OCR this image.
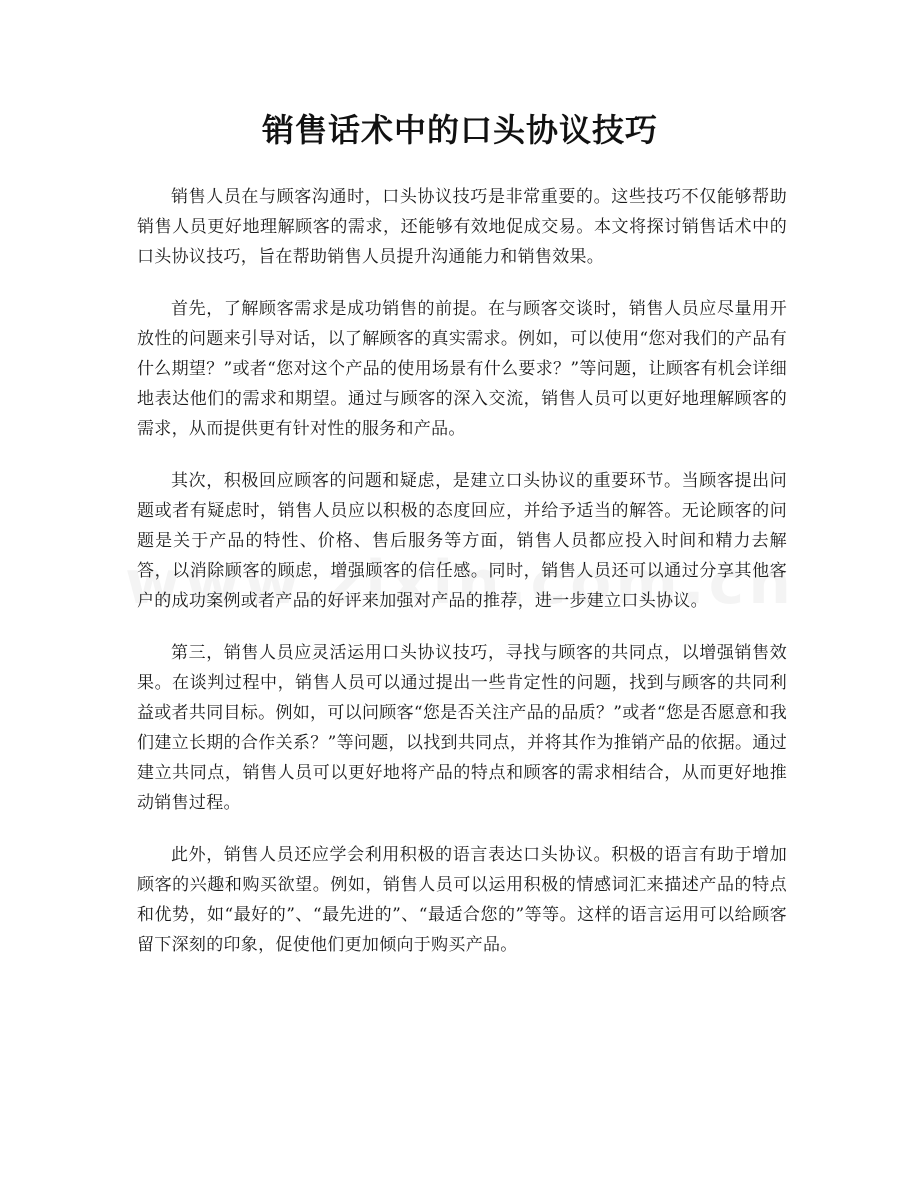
销售话术中的口头协议技巧

销售人员在与顾客沟通时，口头协议技巧是非常重要的。这些技巧不仅能够帮助销售人员更好地理解顾客的需求，还能够有效地促成交易。本文将探讨销售话术中的口头协议技巧，旨在帮助销售人员提升沟通能力和销售效果。

首先，了解顾客需求是成功销售的前提。在与顾客交谈时，销售人员应尽量用开放性的问题来引导对话，以了解顾客的真实需求。例如，可以使用“您对我们的产品有什么期望？”或者“您对这个产品的使用场景有什么要求？”等问题，让顾客有机会详细地表达他们的需求和期望。通过与顾客的深入交流，销售人员可以更好地理解顾客的需求，从而提供更有针对性的服务和产品。

其次，积极回应顾客的问题和疑虑，是建立口头协议的重要环节。当顾客提出问题或者有疑虑时，销售人员应以积极的态度回应，并给予适当的解答。无论顾客的问题是关于产品的特性、价格、售后服务等方面，销售人员都应投入时间和精力去解答，以消除顾客的顾虑，增强顾客的信任感。同时，销售人员还可以通过分享其他客户的成功案例或者产品的好评来加强对产品的推荐，进一步建立口头协议。

第三，销售人员应灵活运用口头协议技巧，寻找与顾客的共同点，以增强销售效果。在谈判过程中，销售人员可以通过提出一些肯定性的问题，找到与顾客的共同利益或者共同目标。例如，可以问顾客“您是否关注产品的品质？”或者“您是否愿意和我们建立长期的合作关系？”等问题，以找到共同点，并将其作为推销产品的依据。通过建立共同点，销售人员可以更好地将产品的特点和顾客的需求相结合，从而更好地推动销售过程。

此外，销售人员还应学会利用积极的语言表达口头协议。积极的语言有助于增加顾客的兴趣和购买欲望。例如，销售人员可以运用积极的情感词汇来描述产品的特点和优势，如“最好的”、“最先进的”、“最适合您的”等等。这样的语言运用可以给顾客留下深刻的印象，促使他们更加倾向于购买产品。
